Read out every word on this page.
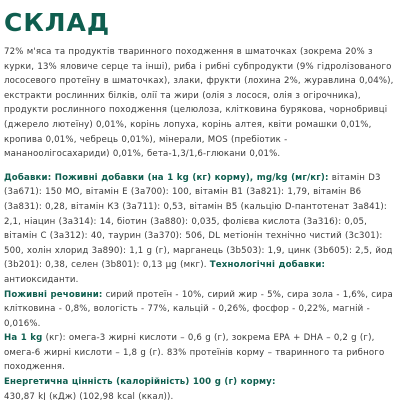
СКЛАД

72% м'яса та продуктів тваринного походження в шматочках (зокрема 20% з курки, 13% яловиче серце та інші), риба і рибні субпродукти (9% гідролізованого лососевого протеїну в шматочках), злаки, фрукти (лохина 2%, журавлина 0,04%), екстракти рослинних білків, олії та жири (олія з лосося, олія з огірочника), продукти рослинного походження (целюлоза, клітковина бурякова, чорнобривці (джерело лютеїну) 0,01%, корінь лопуха, корінь алтея, квіти ромашки 0,01%, кропива 0,01%, чебрець 0,01%), мінерали, MOS (пребіотик - мананоолігосахариди) 0,01%, бета-1,3/1,6-глюкани 0,01%.

Добавки: Поживні добавки (на 1 kg (кг) корму), mg/kg (мг/кг): вітамін D3 (3a671): 150 МО, вітамін Е (3a700): 100, вітамін В1 (3a821): 1,79, вітамін В6 (3a831): 0,28, вітамін К3 (3a711): 0,53, вітамін В5 (кальцію D-пантотенат 3a841): 2,1, ніацин (3a314): 14, біотин (3a880): 0,035, фолієва кислота (3a316): 0,05, вітамін С (3a312): 40, таурин (3a370): 506, DL метіонін технічно чистий (3c301): 500, холін хлорид 3a890): 1,1 g (г), марганець (3b503): 1,9, цинк (3b605): 2,5, йод (3b201): 0,38, селен (3b801): 0,13 µg (мкг). Технологічні добавки: антиоксиданти.

Поживні речовини: сирий протеїн - 10%, сирий жир - 5%, сира зола - 1,6%, сира клітковина - 0,8%, вологість - 77%, кальцій - 0,26%, фосфор - 0,22%, магній - 0,016%.

На 1 kg (кг): омега-3 жирні кислоти – 0,6 g (г), зокрема EPA + DHA – 0,2 g (г), омега-6 жирні кислоти – 1,8 g (г). 83% протеїнів корму – тваринного та рибного походження.

Енергетична цінність (калорійність) 100 g (г) корму:
430,87 kJ (кДж) (102,98 kcal (ккал)).
